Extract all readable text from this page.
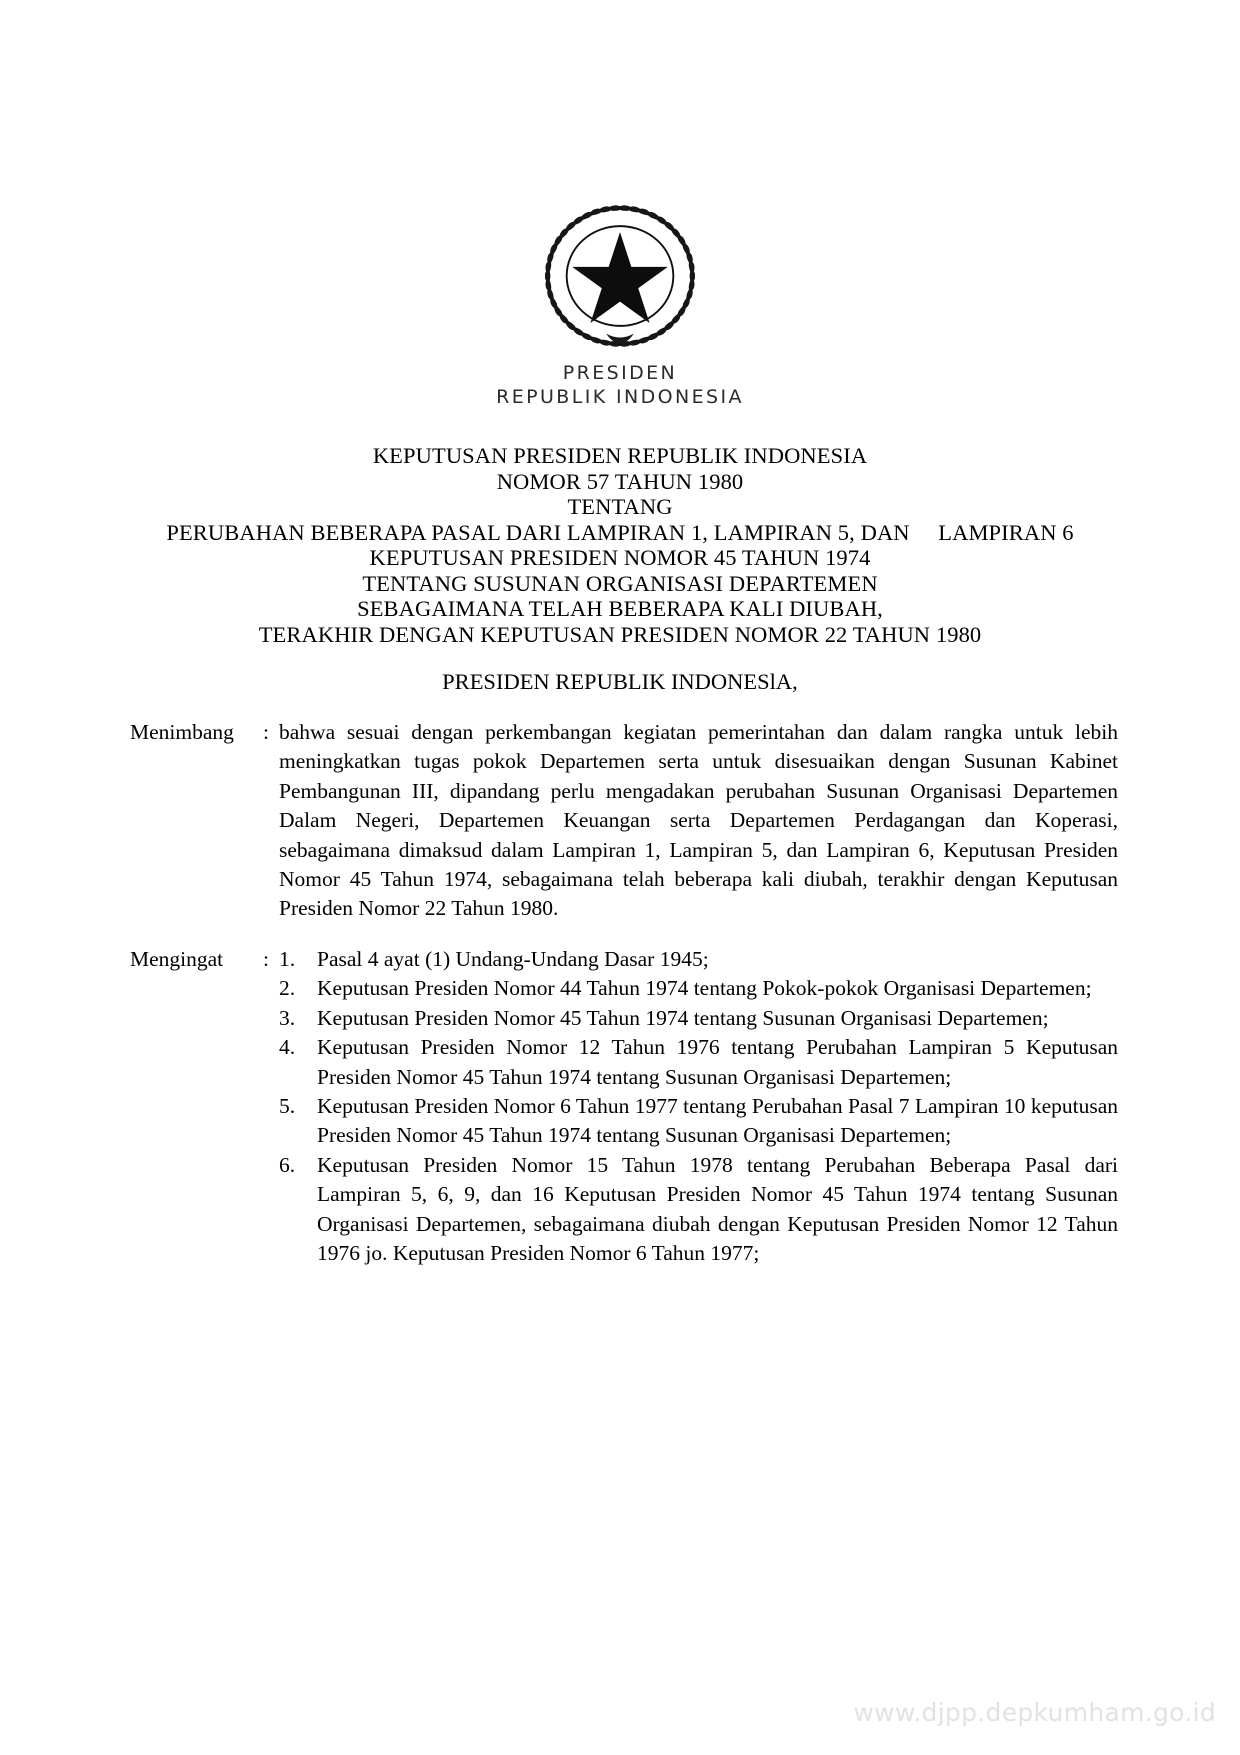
PRESIDEN
REPUBLIK INDONESIA
KEPUTUSAN PRESIDEN REPUBLIK INDONESIA
NOMOR 57 TAHUN 1980
TENTANG
PERUBAHAN BEBERAPA PASAL DARI LAMPIRAN 1, LAMPIRAN 5, DAN     LAMPIRAN 6
KEPUTUSAN PRESIDEN NOMOR 45 TAHUN 1974
TENTANG SUSUNAN ORGANISASI DEPARTEMEN
SEBAGAIMANA TELAH BEBERAPA KALI DIUBAH,
TERAKHIR DENGAN KEPUTUSAN PRESIDEN NOMOR 22 TAHUN 1980
PRESIDEN REPUBLIK INDONESlA,
Menimbang	: bahwa sesuai dengan perkembangan kegiatan pemerintahan dan dalam rangka untuk lebih meningkatkan tugas pokok Departemen serta untuk disesuaikan dengan Susunan Kabinet Pembangunan III, dipandang perlu mengadakan perubahan Susunan Organisasi Departemen Dalam Negeri, Departemen Keuangan serta Departemen Perdagangan dan Koperasi, sebagaimana dimaksud dalam Lampiran 1, Lampiran 5, dan Lampiran 6, Keputusan Presiden Nomor 45 Tahun 1974, sebagaimana telah beberapa kali diubah, terakhir dengan Keputusan Presiden Nomor 22 Tahun 1980.

Mengingat	: 1.	Pasal 4 ayat (1) Undang-Undang Dasar 1945;
2.	Keputusan Presiden Nomor 44 Tahun 1974 tentang Pokok-pokok Organisasi Departemen;
3.	Keputusan Presiden Nomor 45 Tahun 1974 tentang Susunan Organisasi Departemen;
4.	Keputusan Presiden Nomor 12 Tahun 1976 tentang Perubahan Lampiran 5 Keputusan Presiden Nomor 45 Tahun 1974 tentang Susunan Organisasi Departemen;
5.	Keputusan Presiden Nomor 6 Tahun 1977 tentang Perubahan Pasal 7 Lampiran 10 keputusan Presiden Nomor 45 Tahun 1974 tentang Susunan Organisasi Departemen;
6.	Keputusan Presiden Nomor 15 Tahun 1978 tentang Perubahan Beberapa Pasal dari Lampiran 5, 6, 9, dan 16 Keputusan Presiden Nomor 45 Tahun 1974 tentang Susunan Organisasi Departemen, sebagaimana diubah dengan Keputusan Presiden Nomor 12 Tahun 1976 jo. Keputusan Presiden Nomor 6 Tahun 1977;
www.djpp.depkumham.go.id
